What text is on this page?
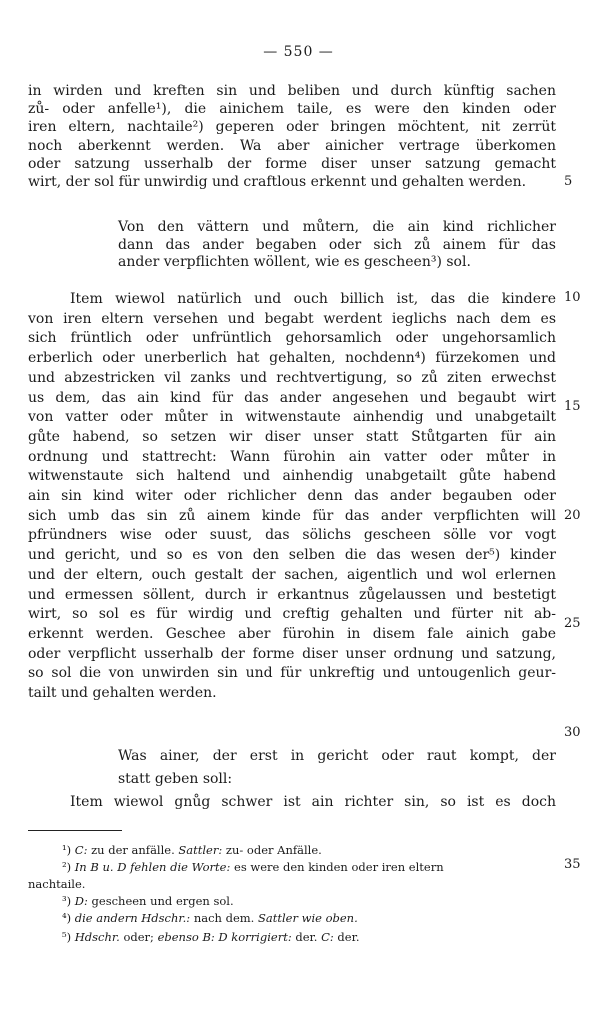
— 550 —
in wirden und kreften sin und beliben und durch künftig sachen
zů- oder anfelle¹), die ainichem taile, es were den kinden oder
iren eltern, nachtaile²) geperen oder bringen möchtent, nit zerrüt
noch aberkennt werden. Wa aber ainicher vertrage überkomen
oder satzung usserhalb der forme diser unser satzung gemacht
wirt, der sol für unwirdig und craftlous erkennt und gehalten werden.
Von den vättern und můtern, die ain kind richlicher
dann das ander begaben oder sich zů ainem für das
ander verpflichten wöllent, wie es gescheen³) sol.
Item wiewol natürlich und ouch billich ist, das die kindere
von iren eltern versehen und begabt werdent ieglichs nach dem es
sich früntlich oder unfrüntlich gehorsamlich oder ungehorsamlich
erberlich oder unerberlich hat gehalten, nochdenn⁴) fürzekomen und
und abzestricken vil zanks und rechtvertigung, so zů ziten erwechst
us dem, das ain kind für das ander angesehen und begaubt wirt
von vatter oder můter in witwenstaute ainhendig und unabgetailt
gůte habend, so setzen wir diser unser statt Stůtgarten für ain
ordnung und stattrecht: Wann fürohin ain vatter oder můter in
witwenstaute sich haltend und ainhendig unabgetailt gůte habend
ain sin kind witer oder richlicher denn das ander begauben oder
sich umb das sin zů ainem kinde für das ander verpflichten will
pfründners wise oder suust, das sölichs gescheen sölle vor vogt
und gericht, und so es von den selben die das wesen der⁵) kinder
und der eltern, ouch gestalt der sachen, aigentlich und wol erlernen
und ermessen söllent, durch ir erkantnus zůgelaussen und bestetigt
wirt, so sol es für wirdig und creftig gehalten und fürter nit ab-
erkennt werden. Geschee aber fürohin in disem fale ainich gabe
oder verpflicht usserhalb der forme diser unser ordnung und satzung,
so sol die von unwirden sin und für unkreftig und untougenlich geur-
tailt und gehalten werden.
Was ainer, der erst in gericht oder raut kompt, der
statt geben soll:
Item wiewol gnůg schwer ist ain richter sin, so ist es doch
5
10
15
20
25
30
35
¹) C: zu der anfälle. Sattler: zu- oder Anfälle.
²) In B u. D fehlen die Worte: es were den kinden oder iren eltern
nachtaile.
³) D: gescheen und ergen sol.
⁴) die andern Hdschr.: nach dem. Sattler wie oben.
⁵) Hdschr. oder; ebenso B: D korrigiert: der. C: der.
